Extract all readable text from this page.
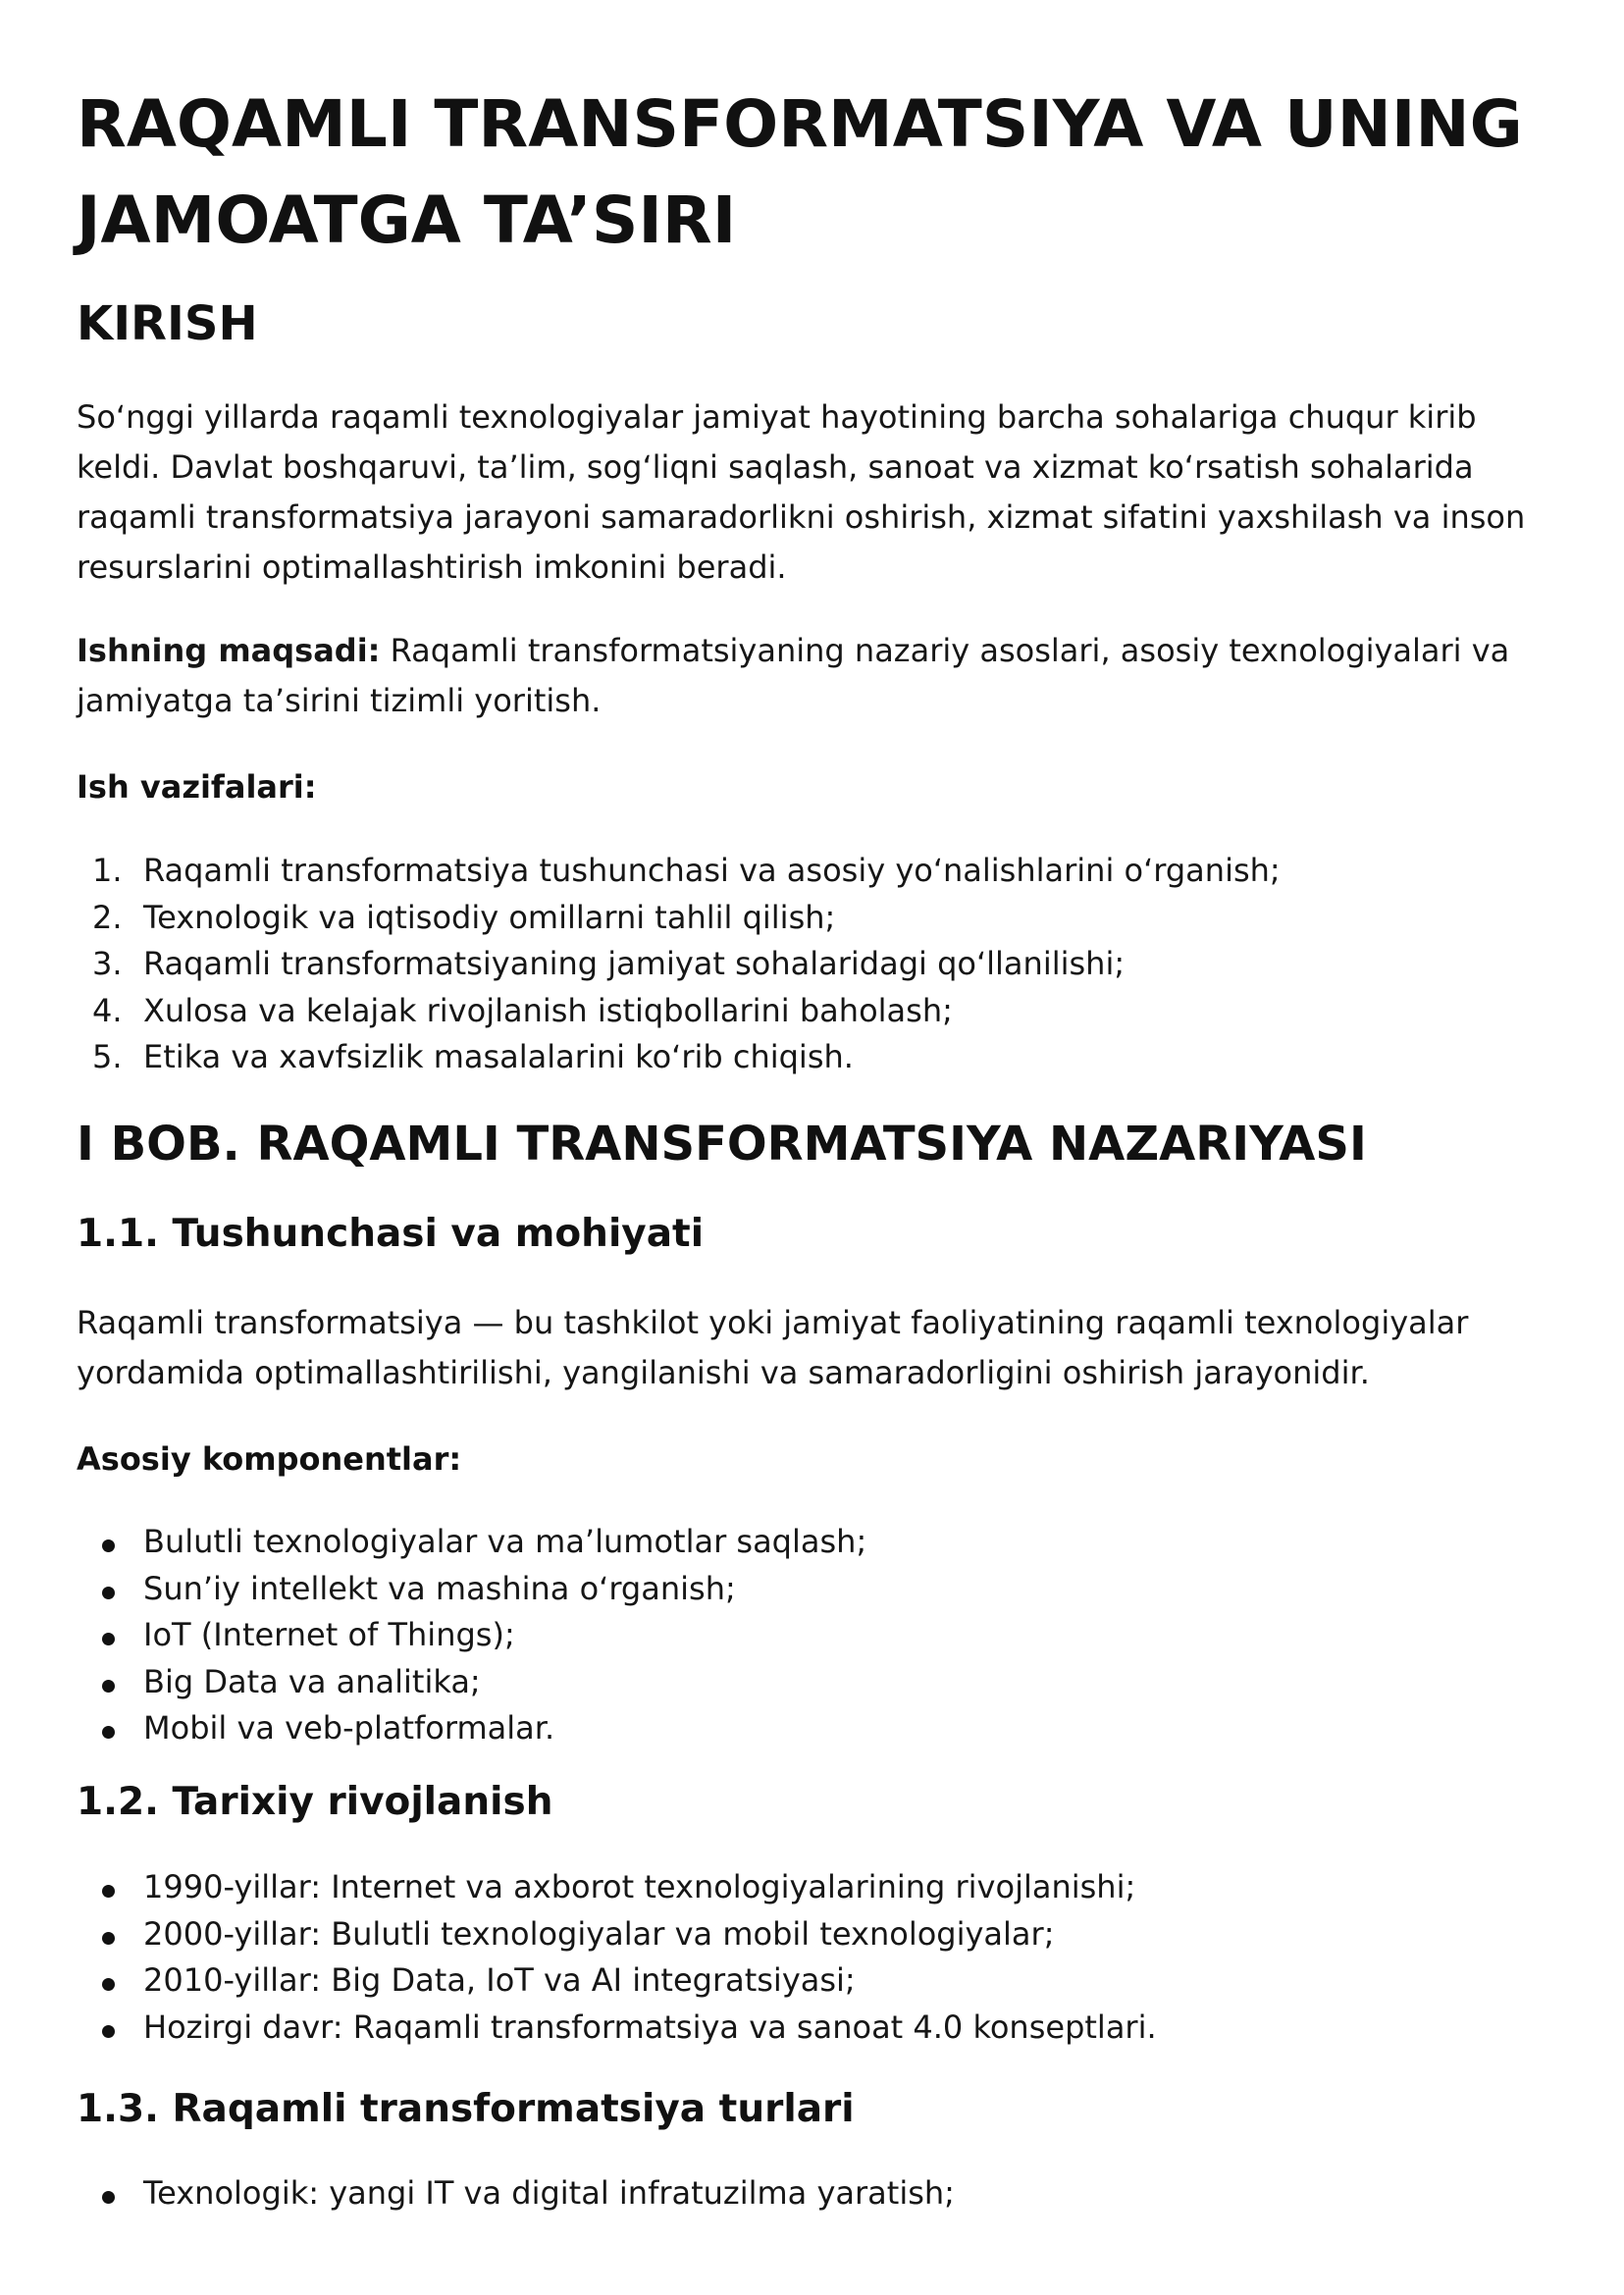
RAQAMLI TRANSFORMATSIYA VA UNING JAMOATGA TA’SIRI
KIRISH

So‘nggi yillarda raqamli texnologiyalar jamiyat hayotining barcha sohalariga chuqur kirib keldi. Davlat boshqaruvi, ta’lim, sog‘liqni saqlash, sanoat va xizmat ko‘rsatish sohalarida raqamli transformatsiya jarayoni samaradorlikni oshirish, xizmat sifatini yaxshilash va inson resurslarini optimallashtirish imkonini beradi.

Ishning maqsadi: Raqamli transformatsiyaning nazariy asoslari, asosiy texnologiyalari va jamiyatga ta’sirini tizimli yoritish.

Ish vazifalari:

1. Raqamli transformatsiya tushunchasi va asosiy yo‘nalishlarini o‘rganish;
2. Texnologik va iqtisodiy omillarni tahlil qilish;
3. Raqamli transformatsiyaning jamiyat sohalaridagi qo‘llanilishi;
4. Xulosa va kelajak rivojlanish istiqbollarini baholash;
5. Etika va xavfsizlik masalalarini ko‘rib chiqish.
I BOB. RAQAMLI TRANSFORMATSIYA NAZARIYASI
1.1. Tushunchasi va mohiyati

Raqamli transformatsiya — bu tashkilot yoki jamiyat faoliyatining raqamli texnologiyalar yordamida optimallashtirilishi, yangilanishi va samaradorligini oshirish jarayonidir.

Asosiy komponentlar:

Bulutli texnologiyalar va ma’lumotlar saqlash;
Sun’iy intellekt va mashina o‘rganish;
IoT (Internet of Things);
Big Data va analitika;
Mobil va veb-platformalar.
1.2. Tarixiy rivojlanish
1990-yillar: Internet va axborot texnologiyalarining rivojlanishi;
2000-yillar: Bulutli texnologiyalar va mobil texnologiyalar;
2010-yillar: Big Data, IoT va AI integratsiyasi;
Hozirgi davr: Raqamli transformatsiya va sanoat 4.0 konseptlari.
1.3. Raqamli transformatsiya turlari
Texnologik: yangi IT va digital infratuzilma yaratish;
